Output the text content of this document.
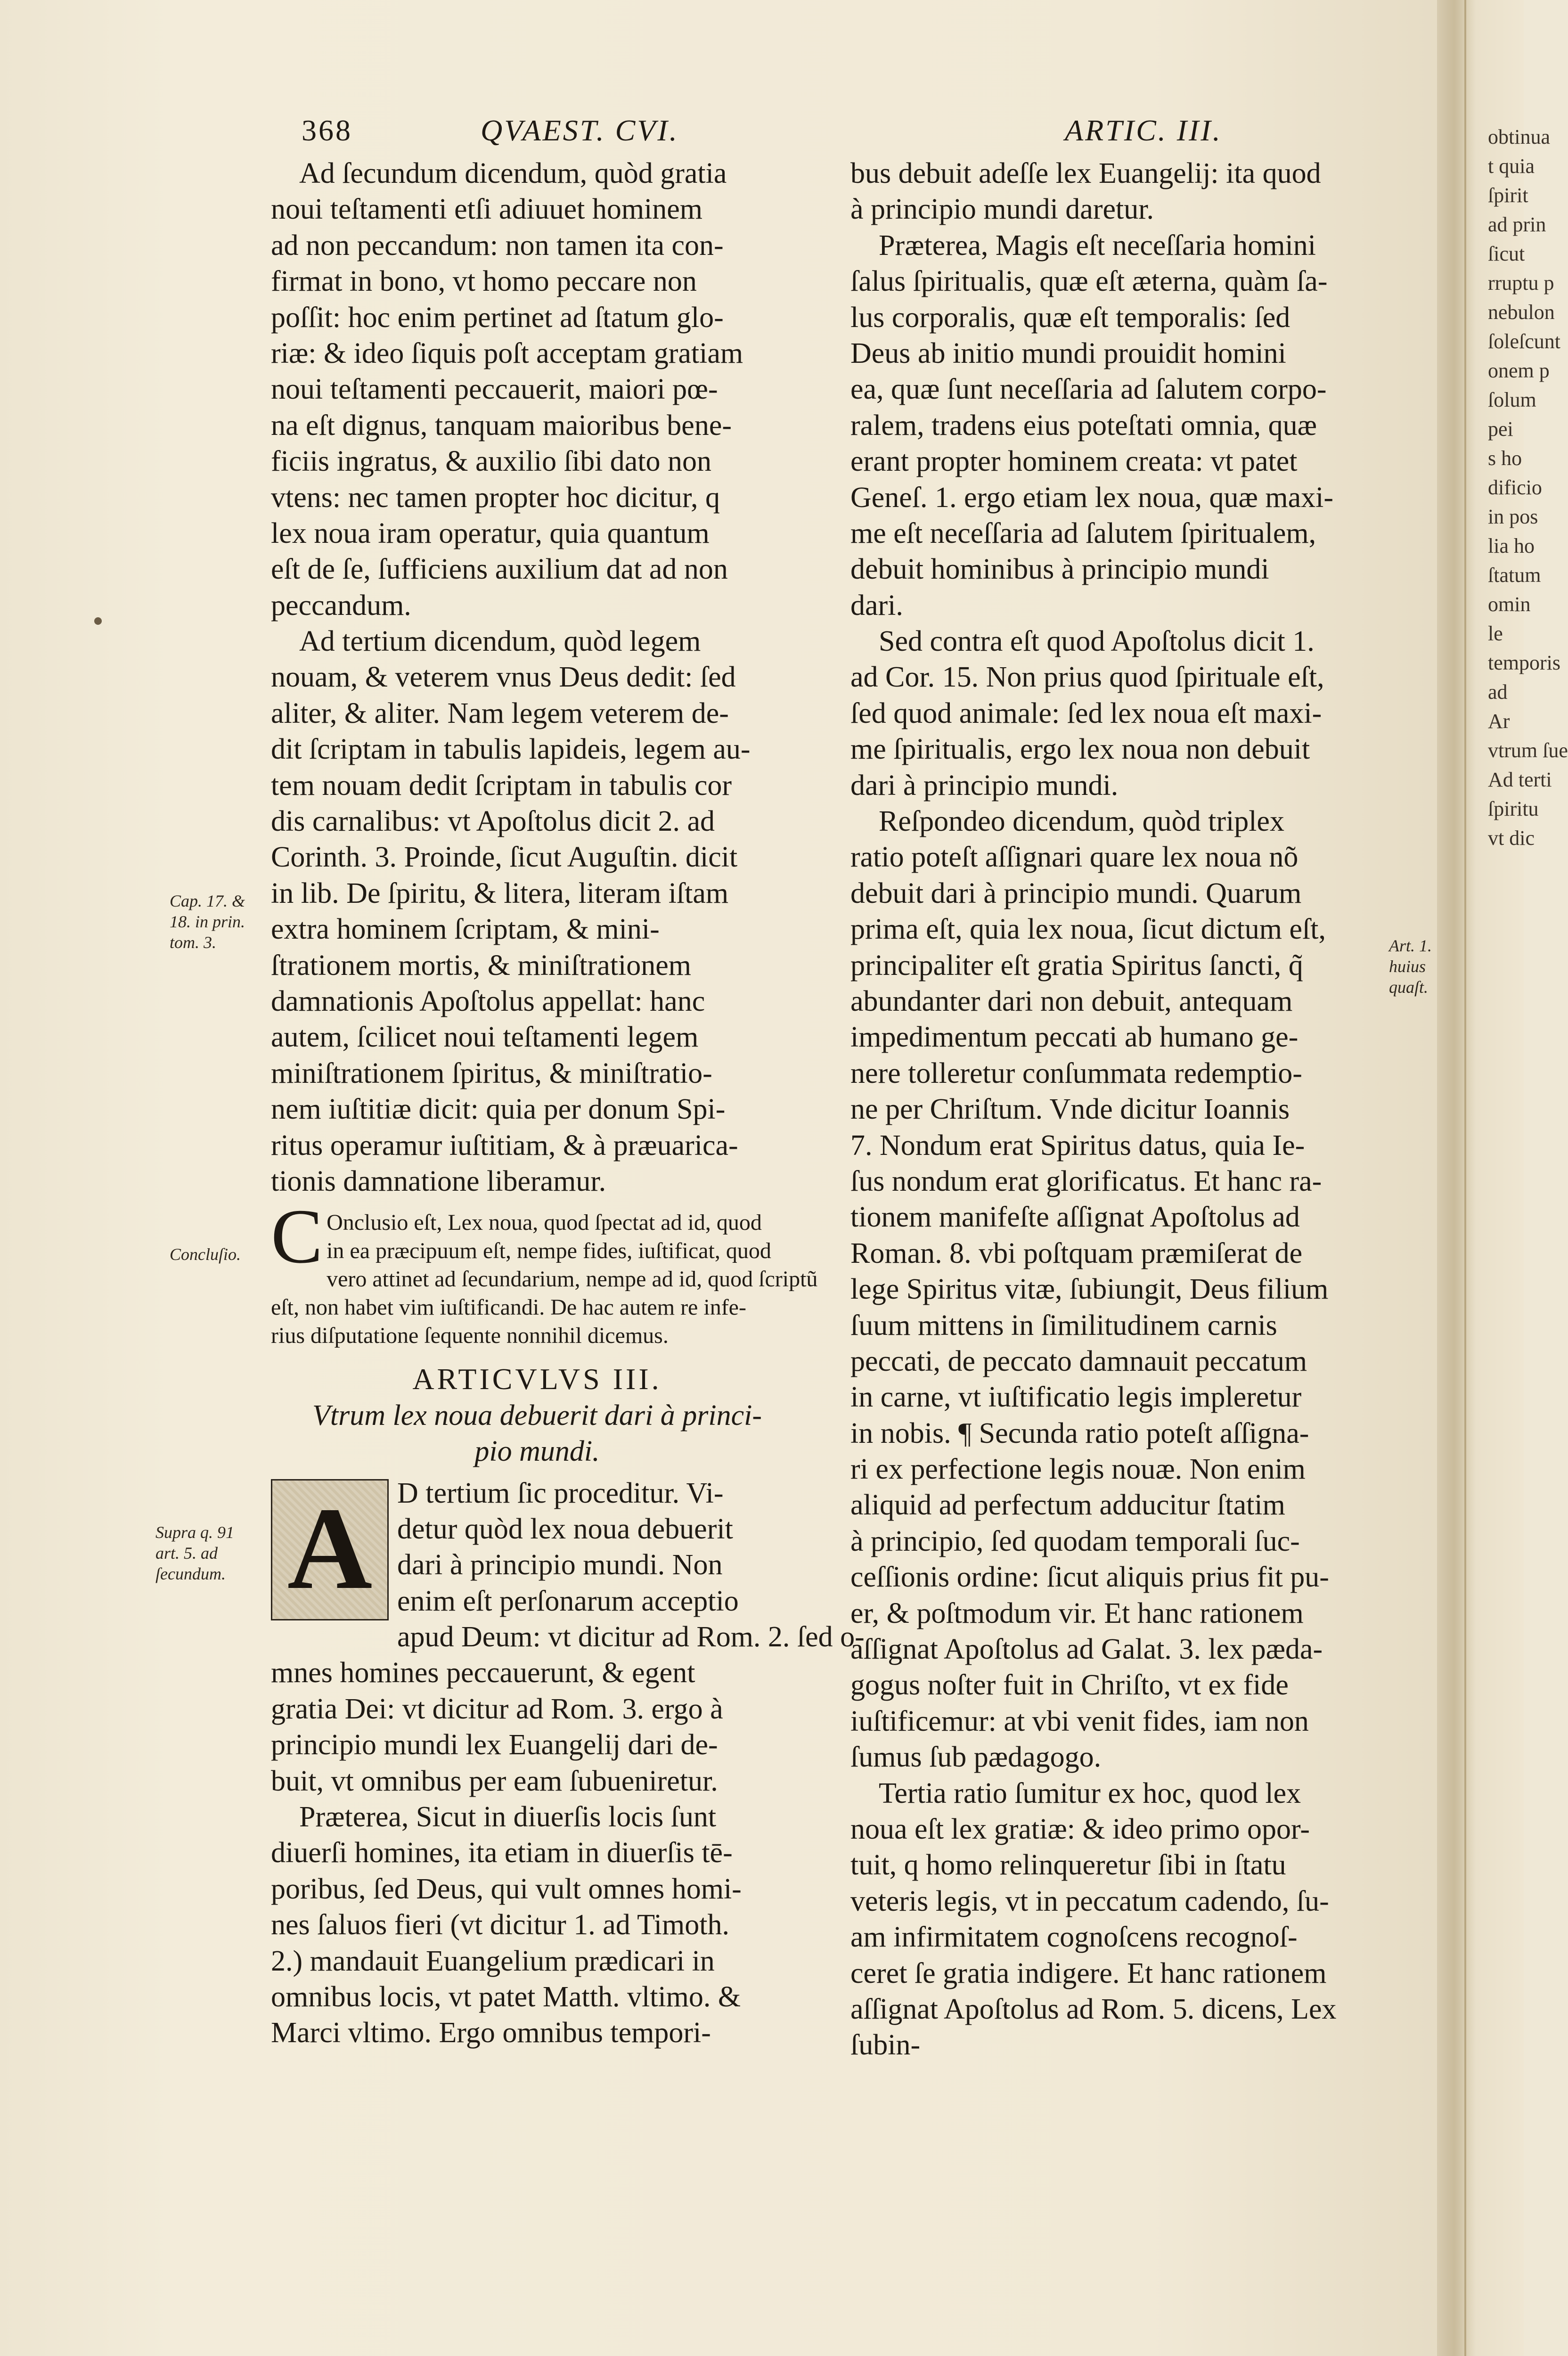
368	QVAEST. CVI.	ARTIC. III.
Ad ſecundum dicendum, quòd gratia
noui teſtamenti etſi adiuuet hominem
ad non peccandum: non tamen ita con-
firmat in bono, vt homo peccare non
poſſit: hoc enim pertinet ad ſtatum glo-
riæ: & ideo ſiquis poſt acceptam gratiam
noui teſtamenti peccauerit, maiori pœ-
na eſt dignus, tanquam maioribus bene-
ficiis ingratus, & auxilio ſibi dato non
vtens: nec tamen propter hoc dicitur, q
lex noua iram operatur, quia quantum
eſt de ſe, ſufficiens auxilium dat ad non
peccandum.
Ad tertium dicendum, quòd legem
nouam, & veterem vnus Deus dedit: ſed
aliter, & aliter. Nam legem veterem de-
dit ſcriptam in tabulis lapideis, legem au-
tem nouam dedit ſcriptam in tabulis cor
dis carnalibus: vt Apoſtolus dicit 2. ad
Corinth. 3. Proinde, ſicut Auguſtin. dicit
in lib. De ſpiritu, & litera, literam iſtam
extra hominem ſcriptam, & mini-
ſtrationem mortis, & miniſtrationem
damnationis Apoſtolus appellat: hanc
autem, ſcilicet noui teſtamenti legem
miniſtrationem ſpiritus, & miniſtratio-
nem iuſtitiæ dicit: quia per donum Spi-
ritus operamur iuſtitiam, & à præuarica-
tionis damnatione liberamur.
C Onclusio eſt, Lex noua, quod ſpectat ad id, quod
in ea præcipuum eſt, nempe fides, iuſtificat, quod
vero attinet ad ſecundarium, nempe ad id, quod ſcriptũ
eſt, non habet vim iuſtificandi. De hac autem re infe-
rius diſputatione ſequente nonnihil dicemus.
ARTICVLVS III.
Vtrum lex noua debuerit dari à princi-
pio mundi.
A D tertium ſic proceditur. Vi-
detur quòd lex noua debuerit
dari à principio mundi. Non
enim eſt perſonarum acceptio
apud Deum: vt dicitur ad Rom. 2. ſed o-
mnes homines peccauerunt, & egent
gratia Dei: vt dicitur ad Rom. 3. ergo à
principio mundi lex Euangelij dari de-
buit, vt omnibus per eam ſubueniretur.
Præterea, Sicut in diuerſis locis ſunt
diuerſi homines, ita etiam in diuerſis tē-
poribus, ſed Deus, qui vult omnes homi-
nes ſaluos fieri (vt dicitur 1. ad Timoth.
2.) mandauit Euangelium prædicari in
omnibus locis, vt patet Matth. vltimo. &
Marci vltimo. Ergo omnibus tempori-
bus debuit adeſſe lex Euangelij: ita quod
à principio mundi daretur.
Præterea, Magis eſt neceſſaria homini
ſalus ſpiritualis, quæ eſt æterna, quàm ſa-
lus corporalis, quæ eſt temporalis: ſed
Deus ab initio mundi prouidit homini
ea, quæ ſunt neceſſaria ad ſalutem corpo-
ralem, tradens eius poteſtati omnia, quæ
erant propter hominem creata: vt patet
Geneſ. 1. ergo etiam lex noua, quæ maxi-
me eſt neceſſaria ad ſalutem ſpiritualem,
debuit hominibus à principio mundi
dari.
Sed contra eſt quod Apoſtolus dicit 1.
ad Cor. 15. Non prius quod ſpirituale eſt,
ſed quod animale: ſed lex noua eſt maxi-
me ſpiritualis, ergo lex noua non debuit
dari à principio mundi.
Reſpondeo dicendum, quòd triplex
ratio poteſt aſſignari quare lex noua nõ
debuit dari à principio mundi. Quarum
prima eſt, quia lex noua, ſicut dictum eſt,
principaliter eſt gratia Spiritus ſancti, q̃
abundanter dari non debuit, antequam
impedimentum peccati ab humano ge-
nere tolleretur conſummata redemptio-
ne per Chriſtum. Vnde dicitur Ioannis
7. Nondum erat Spiritus datus, quia Ie-
ſus nondum erat glorificatus. Et hanc ra-
tionem manifeſte aſſignat Apoſtolus ad
Roman. 8. vbi poſtquam præmiſerat de
lege Spiritus vitæ, ſubiungit, Deus filium
ſuum mittens in ſimilitudinem carnis
peccati, de peccato damnauit peccatum
in carne, vt iuſtificatio legis impleretur
in nobis. ¶ Secunda ratio poteſt aſſigna-
ri ex perfectione legis nouæ. Non enim
aliquid ad perfectum adducitur ſtatim
à principio, ſed quodam temporali ſuc-
ceſſionis ordine: ſicut aliquis prius fit pu-
er, & poſtmodum vir. Et hanc rationem
aſſignat Apoſtolus ad Galat. 3. lex pæda-
gogus noſter fuit in Chriſto, vt ex fide
iuſtificemur: at vbi venit fides, iam non
ſumus ſub pædagogo.
Tertia ratio ſumitur ex hoc, quod lex
noua eſt lex gratiæ: & ideo primo opor-
tuit, q homo relinqueretur ſibi in ſtatu
veteris legis, vt in peccatum cadendo, ſu-
am infirmitatem cognoſcens recognoſ-
ceret ſe gratia indigere. Et hanc rationem
aſſignat Apoſtolus ad Rom. 5. dicens, Lex
ſubin-
Cap. 17. &
18. in prin.
tom. 3.
Concluſio.
Supra q. 91
art. 5. ad
ſecundum.
Art. 1. huius
quaſt.
obtinua
t quia
ſpirit
ad prin
ſicut
rruptu p
nebulon
ſoleſcunt
onem p
ſolum
pei
s ho
dificio
in pos
lia ho
ſtatum
omin
le
temporis
ad
Ar
vtrum ſue
Ad terti
ſpiritu
vt dic
